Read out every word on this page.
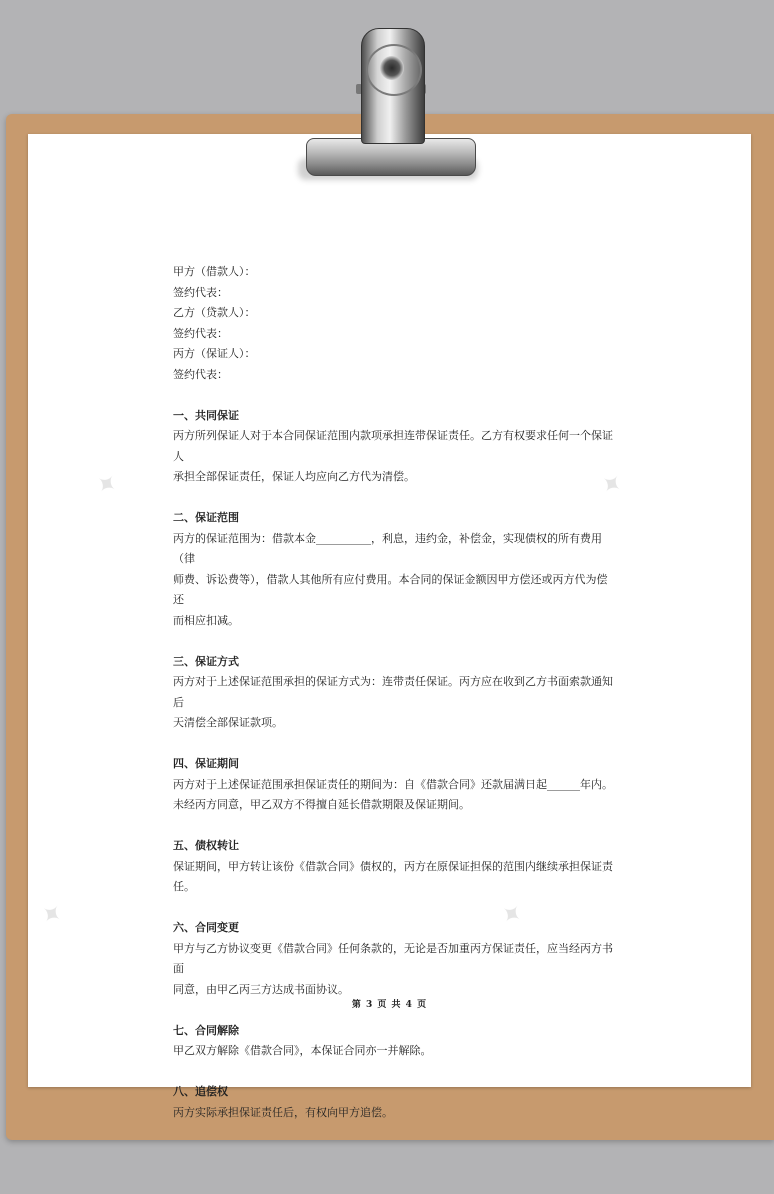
✦	✦
✦	✦

甲方（借款人）：

签约代表：

乙方（贷款人）：

签约代表：

丙方（保证人）：

签约代表：

一、共同保证

丙方所列保证人对于本合同保证范围内款项承担连带保证责任。乙方有权要求任何一个保证人

承担全部保证责任，保证人均应向乙方代为清偿。

二、保证范围

丙方的保证范围为：借款本金__________，利息，违约金，补偿金，实现债权的所有费用（律

师费、诉讼费等），借款人其他所有应付费用。本合同的保证金额因甲方偿还或丙方代为偿还

而相应扣减。

三、保证方式

丙方对于上述保证范围承担的保证方式为：连带责任保证。丙方应在收到乙方书面索款通知后

天清偿全部保证款项。

四、保证期间

丙方对于上述保证范围承担保证责任的期间为：自《借款合同》还款届满日起______年内。

未经丙方同意，甲乙双方不得擅自延长借款期限及保证期间。

五、债权转让

保证期间，甲方转让该份《借款合同》债权的，丙方在原保证担保的范围内继续承担保证责任。

六、合同变更

甲方与乙方协议变更《借款合同》任何条款的，无论是否加重丙方保证责任，应当经丙方书面

同意，由甲乙丙三方达成书面协议。

七、合同解除

甲乙双方解除《借款合同》，本保证合同亦一并解除。

八、追偿权

丙方实际承担保证责任后，有权向甲方追偿。

第 3 页 共 4 页
